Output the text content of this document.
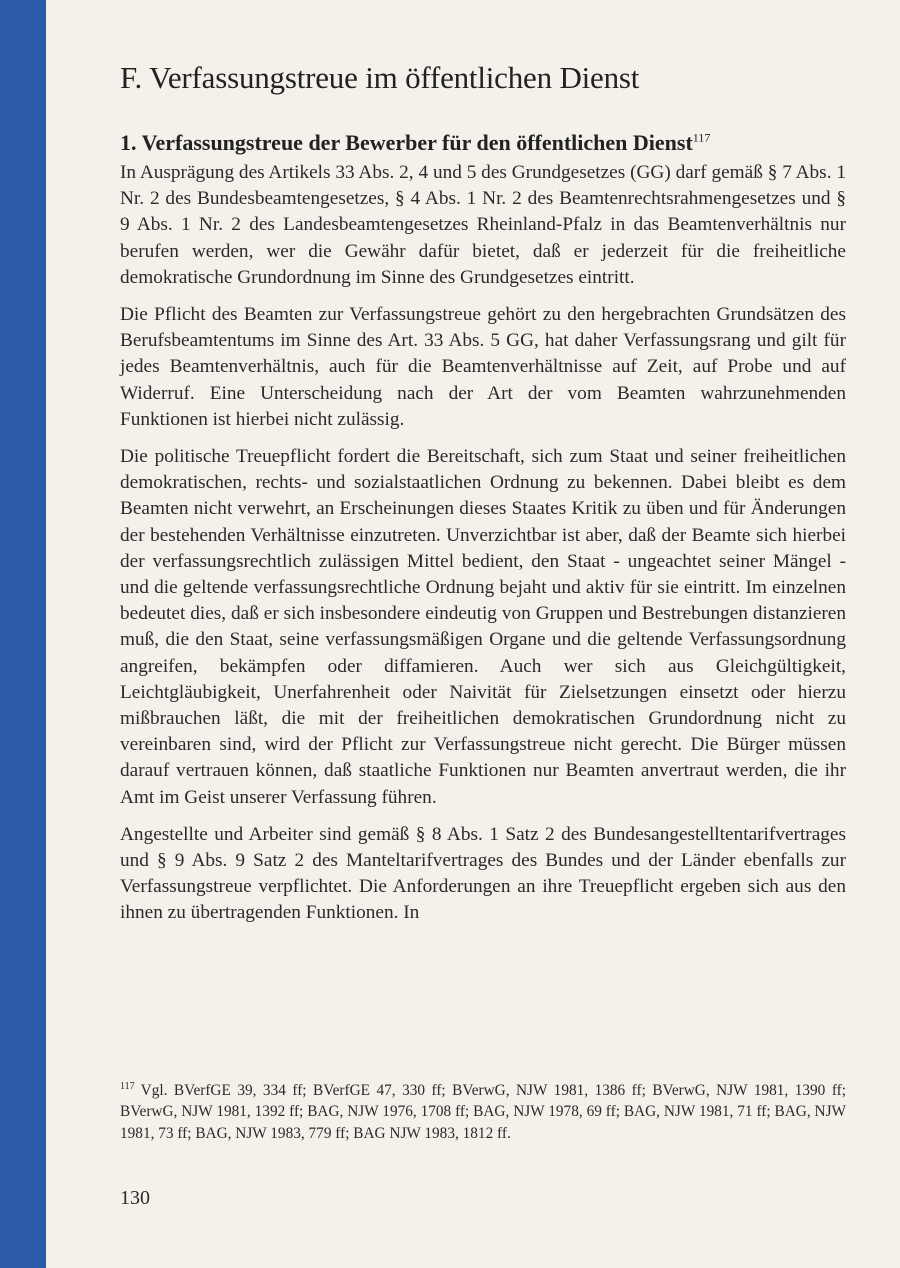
F. Verfassungstreue im öffentlichen Dienst
1. Verfassungstreue der Bewerber für den öffentlichen Dienst$^{117}$

In Ausprägung des Artikels 33 Abs. 2, 4 und 5 des Grundgesetzes (GG) darf gemäß § 7 Abs. 1 Nr. 2 des Bundesbeamtengesetzes, § 4 Abs. 1 Nr. 2 des Beamtenrechtsrahmengesetzes und § 9 Abs. 1 Nr. 2 des Landesbeamtengesetzes Rheinland-Pfalz in das Beamtenverhältnis nur berufen werden, wer die Gewähr dafür bietet, daß er jederzeit für die freiheitliche demokratische Grundordnung im Sinne des Grundgesetzes eintritt.

Die Pflicht des Beamten zur Verfassungstreue gehört zu den hergebrachten Grundsätzen des Berufsbeamtentums im Sinne des Art. 33 Abs. 5 GG, hat daher Verfassungsrang und gilt für jedes Beamtenverhältnis, auch für die Beamtenverhältnisse auf Zeit, auf Probe und auf Widerruf. Eine Unterscheidung nach der Art der vom Beamten wahrzunehmenden Funktionen ist hierbei nicht zulässig.

Die politische Treuepflicht fordert die Bereitschaft, sich zum Staat und seiner freiheitlichen demokratischen, rechts- und sozialstaatlichen Ordnung zu bekennen. Dabei bleibt es dem Beamten nicht verwehrt, an Erscheinungen dieses Staates Kritik zu üben und für Änderungen der bestehenden Verhältnisse einzutreten. Unverzichtbar ist aber, daß der Beamte sich hierbei der verfassungsrechtlich zulässigen Mittel bedient, den Staat - ungeachtet seiner Mängel - und die geltende verfassungsrechtliche Ordnung bejaht und aktiv für sie eintritt. Im einzelnen bedeutet dies, daß er sich insbesondere eindeutig von Gruppen und Bestrebungen distanzieren muß, die den Staat, seine verfassungsmäßigen Organe und die geltende Verfassungsordnung angreifen, bekämpfen oder diffamieren. Auch wer sich aus Gleichgültigkeit, Leichtgläubigkeit, Unerfahrenheit oder Naivität für Zielsetzungen einsetzt oder hierzu mißbrauchen läßt, die mit der freiheitlichen demokratischen Grundordnung nicht zu vereinbaren sind, wird der Pflicht zur Verfassungstreue nicht gerecht. Die Bürger müssen darauf vertrauen können, daß staatliche Funktionen nur Beamten anvertraut werden, die ihr Amt im Geist unserer Verfassung führen.

Angestellte und Arbeiter sind gemäß § 8 Abs. 1 Satz 2 des Bundesangestelltentarifvertrages und § 9 Abs. 9 Satz 2 des Manteltarifvertrages des Bundes und der Länder ebenfalls zur Verfassungstreue verpflichtet. Die Anforderungen an ihre Treuepflicht ergeben sich aus den ihnen zu übertragenden Funktionen. In

$^{117}$ Vgl. BVerfGE 39, 334 ff; BVerfGE 47, 330 ff; BVerwG, NJW 1981, 1386 ff; BVerwG, NJW 1981, 1390 ff; BVerwG, NJW 1981, 1392 ff; BAG, NJW 1976, 1708 ff; BAG, NJW 1978, 69 ff; BAG, NJW 1981, 71 ff; BAG, NJW 1981, 73 ff; BAG, NJW 1983, 779 ff; BAG NJW 1983, 1812 ff.
130
